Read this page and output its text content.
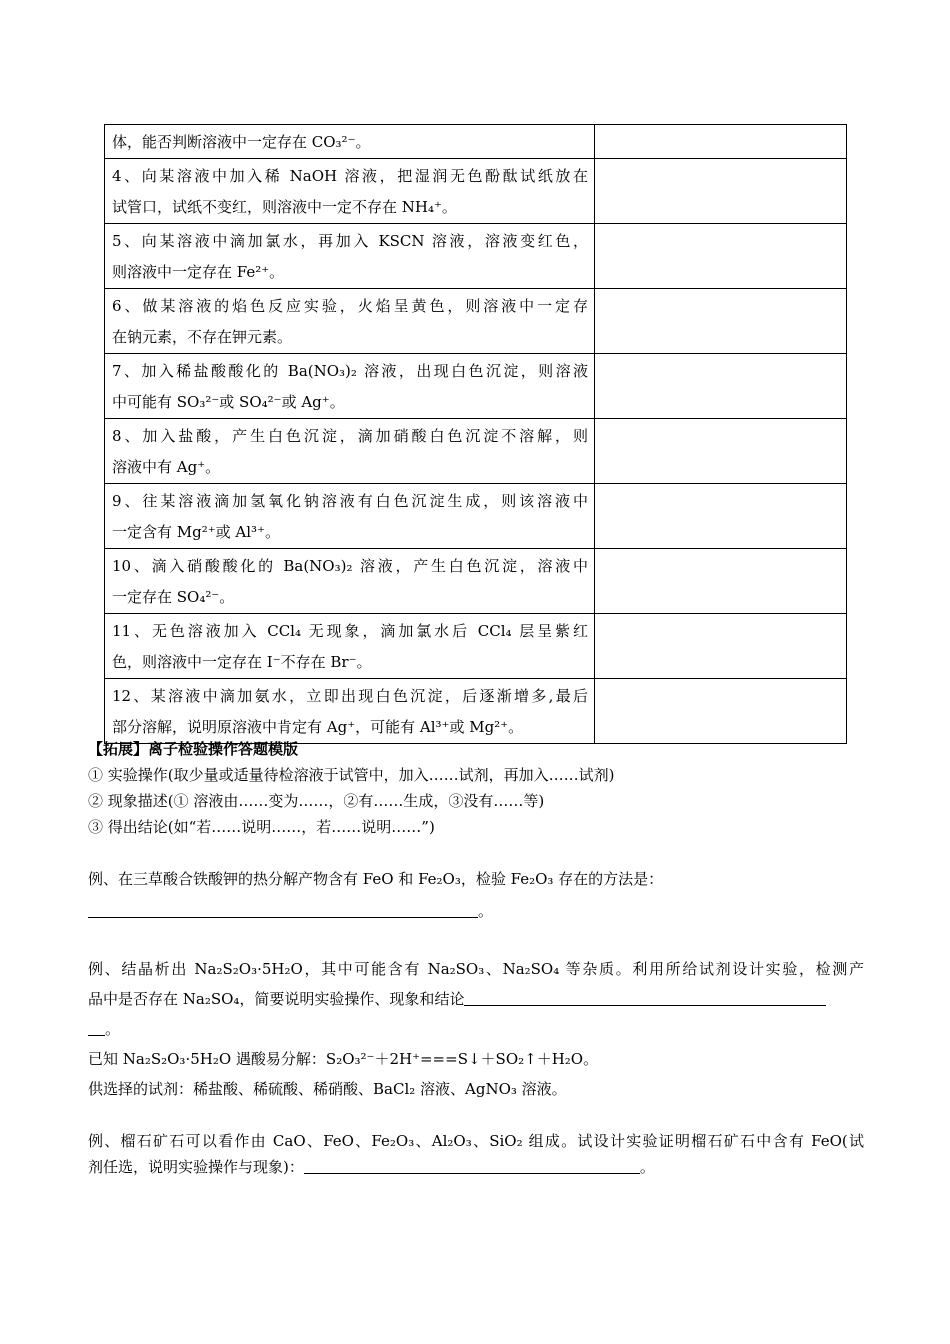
体，能否判断溶液中一定存在 CO₃²⁻。	

4、向某溶液中加入稀 NaOH 溶液，把湿润无色酚酞试纸放在
试管口，试纸不变红，则溶液中一定不存在 NH₄⁺。	

5、向某溶液中滴加氯水，再加入 KSCN 溶液，溶液变红色，
则溶液中一定存在 Fe²⁺。	

6、做某溶液的焰色反应实验，火焰呈黄色，则溶液中一定存
在钠元素，不存在钾元素。	

7、加入稀盐酸酸化的 Ba(NO₃)₂ 溶液，出现白色沉淀，则溶液
中可能有 SO₃²⁻或 SO₄²⁻或 Ag⁺。	

8、加入盐酸，产生白色沉淀，滴加硝酸白色沉淀不溶解，则
溶液中有 Ag⁺。	

9、往某溶液滴加氢氧化钠溶液有白色沉淀生成，则该溶液中
一定含有 Mg²⁺或 Al³⁺。	

10、滴入硝酸酸化的 Ba(NO₃)₂ 溶液，产生白色沉淀，溶液中
一定存在 SO₄²⁻。	

11、无色溶液加入 CCl₄ 无现象，滴加氯水后 CCl₄ 层呈紫红
色，则溶液中一定存在 I⁻不存在 Br⁻。	

12、某溶液中滴加氨水，立即出现白色沉淀，后逐渐增多,最后
部分溶解，说明原溶液中肯定有 Ag⁺，可能有 Al³⁺或 Mg²⁺。	

【拓展】离子检验操作答题模版
① 实验操作(取少量或适量待检溶液于试管中，加入……试剂，再加入……试剂)
② 现象描述(① 溶液由……变为……，②有……生成，③没有……等)
③ 得出结论(如“若……说明……，若……说明……”)
例、在三草酸合铁酸钾的热分解产物含有 FeO 和 Fe₂O₃，检验 Fe₂O₃ 存在的方法是：
。
例、结晶析出 Na₂S₂O₃·5H₂O，其中可能含有 Na₂SO₃、Na₂SO₄ 等杂质。利用所给试剂设计实验，检测产
品中是否存在 Na₂SO₄，简要说明实验操作、现象和结论
。
已知 Na₂S₂O₃·5H₂O 遇酸易分解：S₂O₃²⁻＋2H⁺===S↓＋SO₂↑＋H₂O。
供选择的试剂：稀盐酸、稀硫酸、稀硝酸、BaCl₂ 溶液、AgNO₃ 溶液。
例、榴石矿石可以看作由 CaO、FeO、Fe₂O₃、Al₂O₃、SiO₂ 组成。试设计实验证明榴石矿石中含有 FeO(试
剂任选，说明实验操作与现象)：	。
